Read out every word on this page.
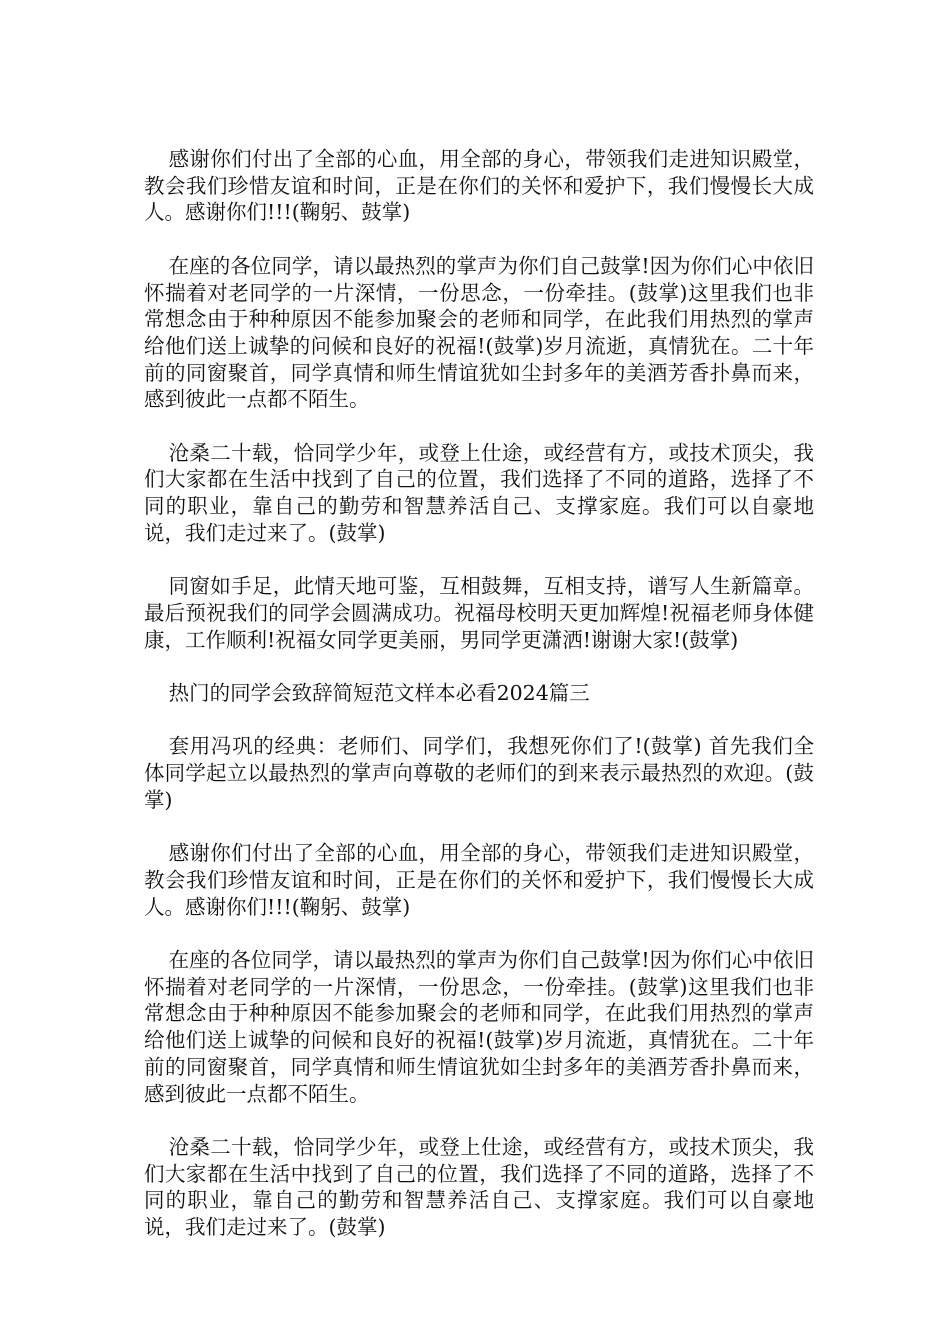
感谢你们付出了全部的心血，用全部的身心，带领我们走进知识殿堂，教会我们珍惜友谊和时间，正是在你们的关怀和爱护下，我们慢慢长大成人。感谢你们!!!(鞠躬、鼓掌)

在座的各位同学，请以最热烈的掌声为你们自己鼓掌!因为你们心中依旧怀揣着对老同学的一片深情，一份思念，一份牵挂。(鼓掌)这里我们也非常想念由于种种原因不能参加聚会的老师和同学，在此我们用热烈的掌声给他们送上诚挚的问候和良好的祝福!(鼓掌)岁月流逝，真情犹在。二十年前的同窗聚首，同学真情和师生情谊犹如尘封多年的美酒芳香扑鼻而来，感到彼此一点都不陌生。

沧桑二十载，恰同学少年，或登上仕途，或经营有方，或技术顶尖，我们大家都在生活中找到了自己的位置，我们选择了不同的道路，选择了不同的职业，靠自己的勤劳和智慧养活自己、支撑家庭。我们可以自豪地说，我们走过来了。(鼓掌)

同窗如手足，此情天地可鉴，互相鼓舞，互相支持，谱写人生新篇章。 最后预祝我们的同学会圆满成功。祝福母校明天更加辉煌!祝福老师身体健康，工作顺利!祝福女同学更美丽，男同学更潇洒!谢谢大家!(鼓掌)

热门的同学会致辞简短范文样本必看2024篇三

套用冯巩的经典：老师们、同学们，我想死你们了!(鼓掌) 首先我们全体同学起立以最热烈的掌声向尊敬的老师们的到来表示最热烈的欢迎。(鼓掌)

感谢你们付出了全部的心血，用全部的身心，带领我们走进知识殿堂，教会我们珍惜友谊和时间，正是在你们的关怀和爱护下，我们慢慢长大成人。感谢你们!!!(鞠躬、鼓掌)

在座的各位同学，请以最热烈的掌声为你们自己鼓掌!因为你们心中依旧怀揣着对老同学的一片深情，一份思念，一份牵挂。(鼓掌)这里我们也非常想念由于种种原因不能参加聚会的老师和同学，在此我们用热烈的掌声给他们送上诚挚的问候和良好的祝福!(鼓掌)岁月流逝，真情犹在。二十年前的同窗聚首，同学真情和师生情谊犹如尘封多年的美酒芳香扑鼻而来，感到彼此一点都不陌生。

沧桑二十载，恰同学少年，或登上仕途，或经营有方，或技术顶尖，我们大家都在生活中找到了自己的位置，我们选择了不同的道路，选择了不同的职业，靠自己的勤劳和智慧养活自己、支撑家庭。我们可以自豪地说，我们走过来了。(鼓掌)
